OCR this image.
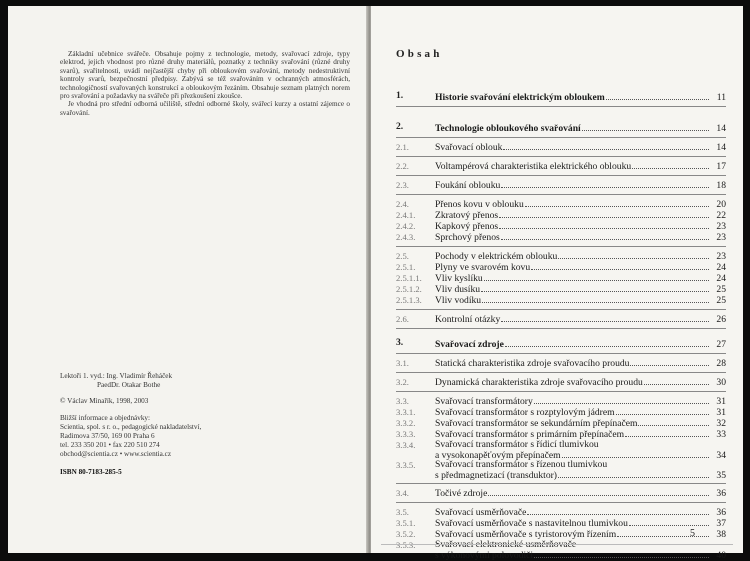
Základní učebnice svářeče. Obsahuje pojmy z technologie, metody, svařovací zdroje, typy elektrod, jejich vhodnost pro různé druhy materiálů, poznatky z techniky svařování (různé druhy svarů), svařitelnosti, uvádí nejčastější chyby při obloukovém svařování, metody nedestruktivní kontroly svarů, bezpečnostní předpisy. Zabývá se též svařováním v ochranných atmosférách, technologičností svařovaných konstrukcí a obloukovým řezáním. Obsahuje seznam platných norem pro svařování a požadavky na svářeče při přezkoušení zkoušce.

Je vhodná pro střední odborná učiliště, střední odborné školy, svářecí kurzy a ostatní zájemce o svařování.

Lektoři 1. vyd.: Ing. Vladimír Řeháček
PaedDr. Otakar Bothe
© Václav Minařík, 1998, 2003
Bližší informace a objednávky:
Scientia, spol. s r. o., pedagogické nakladatelství,
Radimova 37/50, 169 00 Praha 6
tel. 233 350 201 • fax 220 510 274
obchod@scientia.cz • www.scientia.cz
ISBN 80-7183-285-5
Obsah
1.	Historie svařování elektrickým obloukem	11
2.	Technologie obloukového svařování	14
2.1.	Svařovací oblouk	14
2.2.	Voltampérová charakteristika elektrického oblouku	17
2.3.	Foukání oblouku	18
2.4.	Přenos kovu v oblouku	20
2.4.1.	Zkratový přenos	22
2.4.2.	Kapkový přenos	23
2.4.3.	Sprchový přenos	23
2.5.	Pochody v elektrickém oblouku	23
2.5.1.	Plyny ve svarovém kovu	24
2.5.1.1.	Vliv kyslíku	24
2.5.1.2.	Vliv dusíku	25
2.5.1.3.	Vliv vodíku	25
2.6.	Kontrolní otázky	26
3.	Svařovací zdroje	27
3.1.	Statická charakteristika zdroje svařovacího proudu	28
3.2.	Dynamická charakteristika zdroje svařovacího proudu	30
3.3.	Svařovací transformátory	31
3.3.1.	Svařovací transformátor s rozptylovým jádrem	31
3.3.2.	Svařovací transformátor se sekundárním přepínačem	32
3.3.3.	Svařovací transformátor s primárním přepínačem	33
3.3.4.	Svařovací transformátor s řídicí tlumivkou
a vysokonapěťovým přepínačem	34
3.3.5.	Svařovací transformátor s řízenou tlumivkou
s předmagnetizací (transduktor)	35
3.4.	Točivé zdroje	36
3.5.	Svařovací usměrňovače	36
3.5.1.	Svařovací usměrňovače s nastavitelnou tlumivkou	37
3.5.2.	Svařovací usměrňovače s tyristorovým řízením	38
3.5.3.	Svařovací elektronické usměrňovače
s výkonovými polovodiči	40
5
